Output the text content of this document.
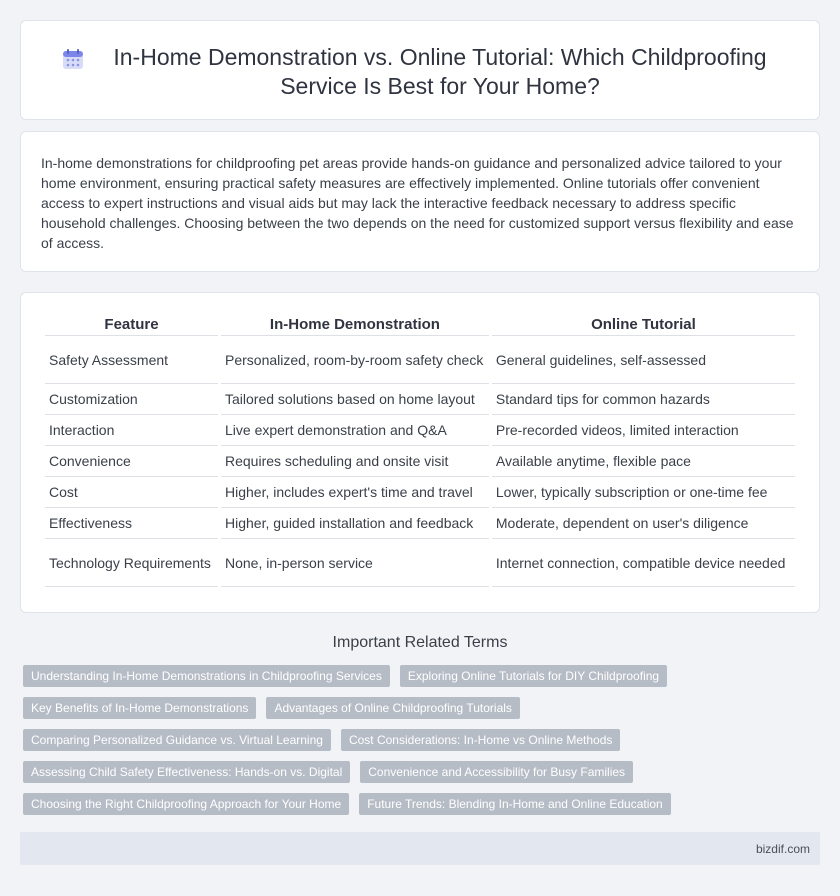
In-Home Demonstration vs. Online Tutorial: Which Childproofing Service Is Best for Your Home?

In-home demonstrations for childproofing pet areas provide hands-on guidance and personalized advice tailored to your home environment, ensuring practical safety measures are effectively implemented. Online tutorials offer convenient access to expert instructions and visual aids but may lack the interactive feedback necessary to address specific household challenges. Choosing between the two depends on the need for customized support versus flexibility and ease of access.

Feature	In-Home Demonstration	Online Tutorial
Safety Assessment	Personalized, room-by-room safety check	General guidelines, self-assessed
Customization	Tailored solutions based on home layout	Standard tips for common hazards
Interaction	Live expert demonstration and Q&A	Pre-recorded videos, limited interaction
Convenience	Requires scheduling and onsite visit	Available anytime, flexible pace
Cost	Higher, includes expert's time and travel	Lower, typically subscription or one-time fee
Effectiveness	Higher, guided installation and feedback	Moderate, dependent on user's diligence
Technology Requirements	None, in-person service	Internet connection, compatible device needed
Important Related Terms
Understanding In-Home Demonstrations in Childproofing Services	Exploring Online Tutorials for DIY Childproofing
Key Benefits of In-Home Demonstrations	Advantages of Online Childproofing Tutorials
Comparing Personalized Guidance vs. Virtual Learning	Cost Considerations: In-Home vs Online Methods
Assessing Child Safety Effectiveness: Hands-on vs. Digital	Convenience and Accessibility for Busy Families
Choosing the Right Childproofing Approach for Your Home	Future Trends: Blending In-Home and Online Education
bizdif.com
